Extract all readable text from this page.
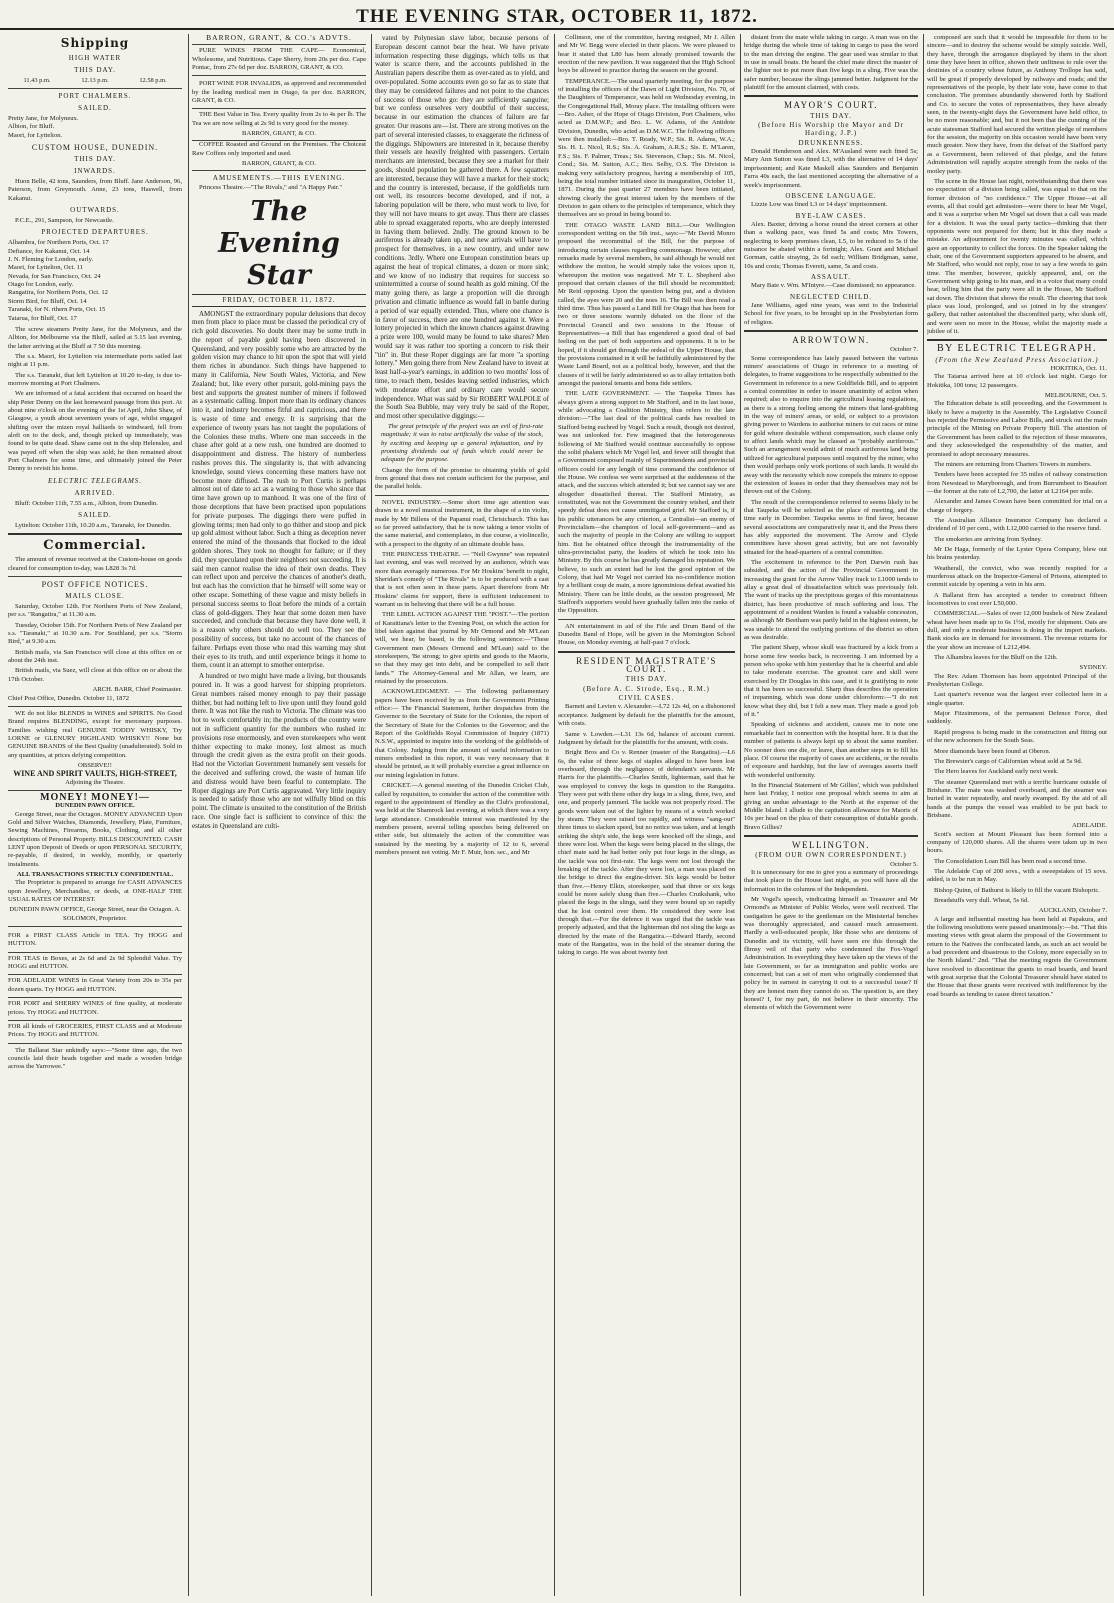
THE EVENING STAR, OCTOBER 11, 1872.
Shipping
HIGH WATER
THIS DAY.
11.43 p.m.	12.13 p.m.	12.58 p.m.
PORT CHALMERS.
SAILED.
Pretty Jane, for Molyneux.
Albion, for Bluff.
Maori, for Lyttelton.
CUSTOM HOUSE, DUNEDIN.
THIS DAY.
INWARDS.

Huon Belle, 42 tons, Saunders, from Bluff. Jane Anderson, 96, Paterson, from Greymouth. Anne, 23 tons, Haswell, from Kakanui.

OUTWARDS.

P.C.E., 291, Sampson, for Newcastle.

PROJECTED DEPARTURES.
Alhambra, for Northern Ports, Oct. 17
Defiance, for Kakanui, Oct. 14
J. N. Fleming for London, early.
Maori, for Lyttelton, Oct. 11
Nevada, for San Francisco, Oct. 24
Otago for London, early.
Rangatira, for Northern Ports, Oct. 12
Storm Bird, for Bluff, Oct. 14
Taranaki, for N. rthern Ports, Oct. 15
Taiarua, for Bluff, Oct. 17

The screw steamers Pretty Jane, for the Molyneux, and the Albion, for Melbourne via the Bluff, sailed at 5.15 last evening, the latter arriving at the Bluff at 7 50 this morning.

The s.s. Maori, for Lyttelton via intermediate ports sailed last night at 11 p.m.

The s.s. Taranaki, that left Lyttelton at 10.20 to-day, is due to-morrow morning at Port Chalmers.

We are informed of a fatal accident that occurred on board the ship Peter Denny on the last homeward passage from this port. At about nine o'clock on the evening of the 1st April, John Shaw, of Glasgow, a youth about seventeen years of age, whilst engaged shifting over the mizen royal halliards to windward, fell from aloft on to the deck, and, though picked up immediately, was found to be quite dead. Shaw came out in the ship Helenslee, and was payed off when the ship was sold; he then remained about Port Chalmers for some time, and ultimately joined the Peter Denny to revisit his home.

ELECTRIC TELEGRAMS.
ARRIVED.

Bluff: October 11th, 7.55 a.m., Albion, from Dunedin.

SAILED.

Lyttelton: October 11th, 10.20 a.m., Taranaki, for Dunedin.

Commercial.

The amount of revenue received at the Custom-house on goods cleared for consumption to-day, was L828 3s 7d.

POST OFFICE NOTICES.
MAILS CLOSE.

Saturday, October 12th. For Northern Ports of New Zealand, per s.s. "Rangatira," at 11.30 a.m.

Tuesday, October 15th. For Northern Ports of New Zealand per s.s. "Taranaki," at 10.30 a.m. For Southland, per s.s. "Storm Bird," at 9.30 a.m.

British mails, via San Francisco will close at this office on or about the 24th inst.

British mails, via Suez, will close at this office on or about the 17th October.

ARCH. BARR, Chief Postmaster.
Chief Post Office, Dunedin. October 11, 1872

WE do not like BLENDS in WINES and SPIRITS. No Good Brand requires BLENDING, except for mercenary purposes. Families wishing real GENUINE TODDY WHISKY, Try LORNE or GLENURY HIGHLAND WHISKY!! None but GENUINE BRANDS of the Best Quality (unadulterated). Sold in any quantities, at prices defying competition.

OBSERVE!!
WINE AND SPIRIT VAULTS, HIGH-STREET,
Adjoining the Theatre.
MONEY! MONEY!—
DUNEDIN PAWN OFFICE.

George Street, near the Octagon. MONEY ADVANCED Upon Gold and Silver Watches, Diamonds, Jewellery, Plate, Furniture, Sewing Machines, Firearms, Books, Clothing, and all other descriptions of Personal Property. BILLS DISCOUNTED. CASH LENT upon Deposit of Deeds or upon PERSONAL SECURITY, re-payable, if desired, in weekly, monthly, or quarterly instalments.

ALL TRANSACTIONS STRICTLY CONFIDENTIAL.

The Proprietor is prepared to arrange for CASH ADVANCES upon Jewellery, Merchandise, or deeds, at ONE-HALF THE USUAL RATES OF INTEREST.

DUNEDIN PAWN OFFICE, George Street, near the Octagon. A. SOLOMON, Proprietor.
FOR a FIRST CLASS Article in TEA. Try HOGG and HUTTON.
FOR TEAS in Boxes, at 2s 6d and 2s 9d Splendid Value. Try HOGG and HUTTON.
FOR ADELAIDE WINES in Great Variety from 20s to 35s per dozen quarts. Try HOGG and HUTTON.
FOR PORT and SHERRY WINES of fine quality, at moderate prices. Try HOGG and HUTTON.
FOR all kinds of GROCERIES, FIRST CLASS and at Moderate Prices. Try HOGG and HUTTON.

The Ballarat Star unkindly says:—"Some time ago, the two councils laid their heads together and made a wooden bridge across the Yarrowee."

BARRON, GRANT, & CO.'s ADVTS.

PURE WINES FROM THE CAPE— Economical, Wholesome, and Nutritious. Cape Sherry, from 20s per doz. Cape Pontac, from 27s 6d per doz. BARRON, GRANT, & CO.

PORT WINE FOR INVALIDS, as approved and recommended by the leading medical men in Otago, 6s per doz. BARRON, GRANT, & CO.

THE Best Value in Tea. Every quality from 2s to 4s per lb. The Tea we are now selling at 2s 9d is very good for the money.

BARRON, GRANT, & CO.

COFFEE Roasted and Ground on the Premises. The Choicest Raw Coffees only imported and used.

BARRON, GRANT, & CO.
AMUSEMENTS.—THIS EVENING.

Princess Theatre.—"The Rivals," and "A Happy Pair."

The Evening Star
FRIDAY, OCTOBER 11, 1872.

AMONGST the extraordinary popular delusions that decoy men from place to place must be classed the periodical cry of rich gold discoveries. No doubt there may be some truth in the report of payable gold having been discovered in Queensland, and very possibly some who are attracted by the golden vision may chance to hit upon the spot that will yield them riches in abundance. Such things have happened to many in California, New South Wales, Victoria, and New Zealand; but, like every other pursuit, gold-mining pays the best and supports the greatest number of miners if followed as a systematic calling. Import more than its ordinary chances into it, and industry becomes fitful and capricious, and there is waste of time and energy. It is surprising that the experience of twenty years has not taught the populations of the Colonies these truths. Where one man succeeds in the chase after gold at a new rush, one hundred are doomed to disappointment and distress. The history of numberless rushes proves this. The singularity is, that with advancing knowledge, sound views concerning these matters have not become more diffused. The rush to Port Curtis is perhaps almost out of date to act as a warning to those who since that time have grown up to manhood. It was one of the first of those deceptions that have been practised upon populations for private purposes. The diggings there were puffed in glowing terms; men had only to go thither and stoop and pick up gold almost without labor. Such a thing as deception never entered the mind of the thousands that flocked to the ideal golden shores. They took no thought for failure; or if they did, they speculated upon their neighbors not succeeding. It is said men cannot realise the idea of their own deaths. They can reflect upon and perceive the chances of another's death, but each has the conviction that he himself will some way or other escape. Something of these vague and misty beliefs in personal success seems to float before the minds of a certain class of gold-diggers. They hear that some dozen men have succeeded, and conclude that because they have done well, it is a reason why others should do well too. They see the possibility of success, but take no account of the chances of failure. Perhaps even those who read this warning may shut their eyes to its truth, and until experience brings it home to them, count it an attempt to smother enterprise.

A hundred or two might have made a living, but thousands poured in. It was a good harvest for shipping proprietors. Great numbers raised money enough to pay their passage thither, but had nothing left to live upon until they found gold there. It was not like the rush to Victoria. The climate was too hot to work comfortably in; the products of the country were not in sufficient quantity for the numbers who rushed in: provisions rose enormously, and even storekeepers who went thither expecting to make money, lost almost as much through the credit given as the extra profit on their goods. Had not the Victorian Government humanely sent vessels for the deceived and suffering crowd, the waste of human life and distress would have been fearful to contemplate. The Roper diggings are Port Curtis aggravated. Very little inquiry is needed to satisfy those who are not wilfully blind on this point. The climate is unsuited to the constitution of the British race. One single fact is sufficient to convince of this: the estates in Queensland are culti-

vated by Polynesian slave labor, because persons of European descent cannot bear the heat. We have private information respecting these diggings, which tells us that water is scarce there, and the accounts published in the Australian papers describe them as over-rated as to yield, and over-populated. Some accounts even go so far as to state that they may be considered failures and not point to the chances of success of those who go: they are sufficiently sanguine; but we confess ourselves very doubtful of their success, because in our estimation the chances of failure are far greater. Our reasons are—1st. There are strong motives on the part of several interested classes, to exaggerate the richness of the diggings. Shipowners are interested in it, because thereby their vessels are heavily freighted with passengers. Certain merchants are interested, because they see a market for their goods, should population be gathered there. A few squatters are interested, because they will have a market for their stock; and the country is interested, because, if the goldfields turn out well, its resources become developed, and if not, a laboring population will be there, who must work to live, for they will not have means to get away. Thus there are classes able to spread exaggerated reports, who are deeply interested in having them believed. 2ndly. The ground known to be auriferous is already taken up, and new arrivals will have to prospect for themselves, in a new country, and under new conditions. 3rdly. Where one European constitution bears up against the heat of tropical climates, a dozen or more sink; and we know of no industry that requires for success so unintermitted a course of sound health as gold mining. Of the many going there, as large a proportion will die through privation and climatic influence as would fall in battle during a period of war equally extended. Thus, where one chance is in favor of success, there are one hundred against it. Were a lottery projected in which the known chances against drawing a prize were 100, would many be found to take shares? Men would say it was rather too sporting a concern to risk their "tin" in. But these Roper diggings are far more "a sporting lottery." Men going there from New Zealand have to invest at least half-a-year's earnings, in addition to two months' loss of time, to reach them, besides leaving settled industries, which with moderate effort and ordinary care would secure independence. What was said by Sir ROBERT WALPOLE of the South Sea Bubble, may very truly be said of the Roper, and most other speculative diggings:—

The great principle of the project was an evil of first-rate magnitude; it was to raise artificially the value of the stock, by exciting and keeping up a general infatuation, and by promising dividends out of funds which could never be adequate for the purpose.

Change the form of the promise to obtaining yields of gold from ground that does not contain sufficient for the purpose, and the parallel holds.

NOVEL INDUSTRY.—Some short time ago attention was drawn to a novel musical instrument, in the shape of a tin violin, made by Mr Billens of the Papanui road, Christchurch. This has so far proved satisfactory, that he is now taking a tenor violin of the same material, and contemplates, in due course, a violincello, with a prospect to the dignity of an ultimate double bass.

THE PRINCESS THEATRE. — "Nell Gwynne" was repeated last evening, and was well received by an audience, which was more than averagely numerous. For Mr Hoskins' benefit to night, Sheridan's comedy of "The Rivals" is to be produced with a cast that is not often seen in these parts. Apart therefore from Mr Hoskins' claims for support, there is sufficient inducement to warrant us in believing that there will be a full house.

THE LIBEL ACTION AGAINST THE "POST."—The portion of Karaitiana's letter to the Evening Post, on which the action for libel taken against that journal by Mr Ormond and Mr M'Lean will, we hear, be based, is the following sentence:—"These Government men (Messrs Ormond and M'Lean) said to the storekeepers, 'Be strong; to give spirits and goods to the Maoris, so that they may get into debt, and be compelled to sell their lands.'" The Attorney-General and Mr Allan, we learn, are retained by the prosecutors.

ACKNOWLEDGMENT. — The following parliamentary papers have been received by us from the Government Printing office:— The Financial Statement, further despatches from the Governor to the Secretary of State for the Colonies, the report of the Secretary of State for the Colonies to the Governor; and the Report of the Goldfields Royal Commission of Inquiry (1871) N.S.W., appointed to inquire into the working of the goldfields of that Colony. Judging from the amount of useful information to miners embodied in this report, it was very necessary that it should be printed, as it will probably exercise a great influence on our mining legislation in future.

CRICKET.—A general meeting of the Dunedin Cricket Club, called by requisition, to consider the action of the committee with regard to the appointment of Hendley as the Club's professional, was held at the Shamrock last evening, at which there was a very large attendance. Considerable interest was manifested by the members present, several telling speeches being delivered on either side, but ultimately the action of the committee was sustained by the meeting by a majority of 12 to 6, several members present not voting. Mr F. Muir, hon. sec., and Mr

Collinson, one of the committee, having resigned, Mr J. Allen and Mr W. Begg were elected in their places. We were pleased to hear it stated that L80 has been already promised towards the erection of the new pavilion. It was suggested that the High School boys be allowed to practice during the season on the ground.

TEMPERANCE.—The usual quarterly meeting, for the purpose of installing the officers of the Dawn of Light Division, No. 70, of the Daughters of Temperance, was held on Wednesday evening, in the Congregational Hall, Moray place. The installing officers were—Bro. Asher, of the Hope of Otago Division, Port Chalmers, who acted as D.M.W.P.; and Bro. L. W. Adams, of the Antidote Division, Dunedin, who acted as D.M.W.C. The following officers were then installed:—Bro. T. Ready, W.P.; Sis. R. Adams, W.A.; Sis. H. L. Nicol, R.S.; Sis. A. Graham, A.R.S.; Sis. E. M'Laren, F.S.; Sis. F. Palmer, Treas.; Sis. Stevenson, Chap.; Sis. M. Nicol, Cond.; Sis. M. Sutton, A.C.; Bro. Selby, O.S. The Division is making very satisfactory progress, having a membership of 105, being the total number initiated since its inauguration, October 11, 1871. During the past quarter 27 members have been initiated, showing clearly the great interest taken by the members of the Division to gain others to the principles of temperance, which they themselves are so proud in being bound to.

THE OTAGO WASTE LAND BILL.—Our Wellington correspondent writing on the 5th inst., says:—"Mr David Monro proposed the recommittal of the Bill, for the purpose of introducing certain clauses regarding commonage. However, after remarks made by several members, he said although he would not withdraw the motion, he would simply take the voices upon it, whereupon the motion was negatived. Mr T. L. Shepherd also proposed that certain clauses of the Bill should be recommitted; Mr Reid opposing. Upon the question being put, and a division called, the ayes were 20 and the noes 16. The Bill was then read a third time. Thus has passed a Land Bill for Otago that has been for two or three sessions warmly debated on the floor of the Provincial Council and two sessions in the House of Representatives—a Bill that has engendered a good deal of bad feeling on the part of both supporters and opponents. It is to be hoped, if it should get through the ordeal of the Upper House, that the provisions contained in it will be faithfully administered by the Waste Land Board, not as a political body, however, and that the clauses of it will be fairly administered so as to allay irritation both amongst the pastoral tenants and bona fide settlers.

THE LATE GOVERNMENT. — The Taupeka Times has always given a strong support to Mr Stafford, and in its last issue, while advocating a Coalition Ministry, thus refers to the late division:—"The last deal of the political cards has resulted in Stafford being euchred by Vogel. Such a result, though not desired, was not unlooked for. Few imagined that the heterogeneous following of Mr Stafford would continue successfully to oppose the solid phalanx which Mr Vogel led, and fewer still thought that a Government composed mainly of Superintendents and provincial officers could for any length of time command the confidence of the House. We confess we were surprised at the suddenness of the attack, and the success which attended it; but we cannot say we are altogether dissatisfied thereat. The Stafford Ministry, as constituted, was not the Government the country wished, and their speedy defeat does not cause unmitigated grief. Mr Stafford is, if his public utterances be any criterion, a Centralist—an enemy of Provincialism—the champion of local self-government—and as such the majority of people in the Colony are willing to support him. But he obtained office through the instrumentality of the ultra-provincialist party, the leaders of which he took into his Ministry. By this course he has greatly damaged his reputation. We believe, to such an extent had he lost the good opinion of the Colony, that had Mr Vogel not carried his no-confidence motion by a brilliant coup de main, a more ignominious defeat awaited his Ministry. There can be little doubt, as the session progressed, Mr Stafford's supporters would have gradually fallen into the ranks of the Opposition.

AN entertainment in aid of the Fife and Drum Band of the Dunedin Band of Hope, will be given in the Mornington School House, on Monday evening, at half-past 7 o'clock.

RESIDENT MAGISTRATE'S COURT.
THIS DAY.
(Before A. C. Strode, Esq., R.M.)
CIVIL CASES.

Barnett and Levien v. Alexander.—L72 12s 4d, on a dishonored acceptance. Judgment by default for the plaintiffs for the amount, with costs.

Same v. Lowden.—L31 13s 6d, balance of account current. Judgment by default for the plaintiffs for the amount, with costs.

Bright Bros and Co v. Renner (master of the Rangatira).—L6 6s, the value of three kegs of staples alleged to have been lost overboard, through the negligence of defendant's servants. Mr Harris for the plaintiffs.—Charles Smith, lighterman, said that he was employed to convey the kegs in question to the Rangatira. They were put with three other dry kegs in a sling, three, two, and one, and properly jammed. The tackle was not properly rixed. The goods were taken out of the lighter by means of a winch worked by steam. They were raised too rapidly, and witness "sang-out" three times to slacken speed, but no notice was taken, and at length striking the ship's side, the kegs were knocked off the slings, and three were lost. When the kegs were being placed in the slings, the chief mate said he had better only put four kegs in the slings, as the tackle was not first-rate. The kegs were not lost through the breaking of the tackle. After they were lost, a man was placed on the bridge to direct the engine-driver. Six kegs would be better than five.—Henry Elkin, storekeeper, said that three or six kegs could be more safely slung than five.—Charles Cruikshank, who placed the kegs in the slings, said they were bound up so rapidly that he lost control over them. He considered they were lost through that.—For the defence it was urged that the tackle was properly adjusted, and that the lighterman did not sling the kegs as directed by the mate of the Rangatira.—Edward Hardy, second mate of the Rangatira, was in the hold of the steamer during the taking in cargo. He was about twenty feet

distant from the mate while taking in cargo. A man was on the bridge during the whole time of taking in cargo to pass the word to the man driving the engine. The gear used was similar to that in use in small boats. He heard the chief mate direct the master of the lighter not to put more than five kegs in a sling. Five was the safer number, because the slings jammed better. Judgment for the plaintiff for the amount claimed, with costs.

MAYOR'S COURT.
THIS DAY.
(Before His Worship the Mayor and Dr Harding, J.P.)
DRUNKENNESS.

Donald Henderson and Alex. M'Ausland were each fined 5s; Mary Ann Sutton was fined L3, with the alternative of 14 days' imprisonment; and Kate Maskell alias Saunders and Benjamin Farra 40s each, the last mentioned accepting the alternative of a week's imprisonment.

OBSCENE LANGUAGE.

Lizzie Low was fined L3 or 14 days' imprisonment.

BYE-LAW CASES.

Alex. Baxter, driving a horse round the street corners at other than a walking pace, was fined 5s and costs; Mrs Towers, neglecting to keep premises clean, L5, to be reduced to 5s if the nuisance be abated within a fortnight; Alex. Grant and Michael Gorman, cattle straying, 2s 6d each; William Bridgman, same, 10s and costs; Thomas Everett, same, 5s and costs.

ASSAULT.

Mary Bate v. Wm. M'Intyre.—Case dismissed; no appearance.

NEGLECTED CHILD.

Jane Williams, aged nine years, was sent to the Industrial School for five years, to be brought up in the Presbyterian form of religion.

ARROWTOWN.
October 7.

Some correspondence has lately passed between the various miners' associations of Otago in reference to a meeting of delegates, to frame suggestions to be respectfully submitted to the Government in reference to a new Goldfields Bill, and to appoint a central committee in order to insure unanimity of action when required; also to enquire into the agricultural leasing regulations, as there is a strong feeling among the miners that land-grabbing in the way of miners' areas, or sold, or subject to a provision giving power to Wardens to authorise miners to cut races or mine for gold where desirable without compensation, such clause only to affect lands which may be classed as "probably auriferous." Such an arrangement would admit of much auriferous land being utilized for agricultural purposes until required by the miner, who then would perhaps only work portions of such lands. It would do away with the necessity which now compels the miners to oppose the extension of leases in order that they themselves may not be thrown out of the Colony.

The result of the correspondence referred to seems likely to be that Taupeka will be selected as the place of meeting, and the time early in December. Taupeka seems to find favor, because several associations are comparatively near it, and the Press there has ably supported the movement. The Arrow and Clyde committees have shown great activity, but are not favorably situated for the head-quarters of a central committee.

The excitement in reference to the Port Darwin rush has subsided, and the action of the Provincial Government in increasing the grant for the Arrow Valley track to L1000 tends to allay a great deal of dissatisfaction which was previously felt. The want of tracks up the precipitous gorges of this mountainous district, has been productive of much suffering and loss. The appointment of a resident Warden is found a valuable concession, as although Mr Beetham was partly held in the highest esteem, he was unable to attend the outlying portions of the district so often as was desirable.

The patient Sharp, whose skull was fractured by a kick from a horse some few weeks back, is recovering. I am informed by a person who spoke with him yesterday that he is cheerful and able to take moderate exercise. The greatest care and skill were exercised by Dr Douglas in this case, and it is gratifying to note that it has been so successful. Sharp thus describes the operation of trepanning, which was done under chloroform:—"I do not know what they did, but I felt a new man. They made a good job of it."

Speaking of sickness and accident, causes me to note one remarkable fact in connection with the hospital here. It is that the number of patients is always kept up to about the same number. No sooner does one die, or leave, than another steps in to fill his place. Of course the majority of cases are accidents, or the results of exposure and hardship, but the law of averages asserts itself with wonderful uniformity.

In the Financial Statement of Mr Gillies', which was published here last Friday, I notice one proposal which seems to aim at giving an undue advantage to the North at the expense of the Middle Island. I allude to the capitation allowance for Maoris of 10s per head on the plea of their consumption of dutiable goods. Bravo Gillies?

WELLINGTON.
(FROM OUR OWN CORRESPONDENT.)
October 5.

It is unnecessary for me to give you a summary of proceedings that took place in the House last night, as you will have all the information in the columns of the Independent.

Mr Vogel's speech, vindicating himself as Treasurer and Mr Ormond's as Minister of Public Works, were well received. The castigation he gave to the gentleman on the Ministerial benches was thoroughly appreciated, and caused much amusement. Hardly a well-educated people, like those who are denizens of Dunedin and its vicinity, will have seen ere this through the flimsy veil of that party who condemned the Fox-Vogel Administration. In everything they have taken up the views of the late Government, so far as immigration and public works are concerned; but can a set of men who originally condemned that policy be in earnest in carrying it out to a successful issue? If they are honest men they cannot do so. The question is, are they honest? I, for my part, do not believe in their sincerity. The elements of which the Government were

composed are such that it would be impossible for them to be sincere—and to destroy the scheme would be simply suicide. Well, they have, through the arrogance displayed by them in the short time they have been in office, shown their unfitness to rule over the destinies of a country whose future, as Anthony Trollope has said, will be great if properly developed by railways and roads; and the representatives of the people, by their late vote, have come to that conclusion. The promises abundantly showered forth by Stafford and Co. to secure the votes of representatives, they have already seen, in the twenty-eight days the Government have held office, to be no more reasonable; and, but it not been that the cunning of the acute statesman Stafford had secured the written pledge of members for the session, the majority on this occasion would have been very much greater. Now they have, from the defeat of the Stafford party as a Government, been relieved of that pledge, and the future Administration will rapidly acquire strength from the ranks of the motley party.

The scene in the House last night, notwithstanding that there was no expectation of a division being called, was equal to that on the former division of "no confidence." The Upper House—at all events, all that could get admission—were there to hear Mr Vogel, and it was a surprise when Mr Vogel sat down that a call was made for a division. It was the usual party tactics—thinking that their opponents were not prepared for them; but in this they made a mistake. An adjournment for twenty minutes was called, which gave an opportunity to collect the forces. On the Speaker taking the chair, one of the Government supporters appeared to be absent, and Mr Stafford, who would not reply, rose to say a few words to gain time. The member, however, quickly appeared, and, on the Government whip going to his man, and in a voice that many could hear, telling him that the party were all in the House, Mr Stafford sat down. The division that shows the result. The cheering that took place was loud, prolonged, and so joined in by the strangers' gallery, that rather astonished the discomfited party, who slunk off, and were seen no more in the House, whilst the majority made a jubilee of it.

BY ELECTRIC TELEGRAPH.
(From the New Zealand Press Association.)
HOKITIKA, Oct. 11.

The Taiarua arrived here at 10 o'clock last night. Cargo for Hokitika, 100 tons; 12 passengers.

MELBOURNE, Oct. 5.

The Education debate is still proceeding, and the Government is likely to have a majority in the Assembly. The Legislative Council has rejected the Permissive and Labor Bills, and struck out the main principle of the Mining on Private Property Bill. The attention of the Government has been called to the rejection of these measures, and they acknowledged the responsibility of the matter, and promised to adopt necessary measures.

The miners are returning from Charters Towers in numbers.

Tenders have been accepted for 35 miles of railway construction from Newstead to Maryborough, and from Burrumbeet to Beaufort—the former at the rate of L2,700, the latter at L2164 per mile.

Alexander and James Cowan have been committed for trial on a charge of forgery.

The Australian Alliance Insurance Company has declared a dividend of 10 per cent., with L12,000 carried to the reserve fund.

The smokeries are arriving from Sydney.

Mr De Haga, formerly of the Lyster Opera Company, blew out his brains yesterday.

Weatherall, the convict, who was recently respited for a murderous attack on the Inspector-General of Prisons, attempted to commit suicide by opening a vein in his arm.

A Ballarat firm has accepted a tender to construct fifteen locomotives to cost over L50,000.

COMMERCIAL.—Sales of over 12,000 bushels of New Zealand wheat have been made up to 6s 1½d, mostly for shipment. Oats are dull, and only a moderate business is doing in the import markets. Bank stocks are in demand for investment. The revenue returns for the year show an increase of L212,494.

The Alhambra leaves for the Bluff on the 12th.

SYDNEY.

The Rev. Adam Thomson has been appointed Principal of the Presbyterian College.

Last quarter's revenue was the largest ever collected here in a single quarter.

Major Fitzsimmons, of the permanent Defence Force, died suddenly.

Rapid progress is being made in the construction and fitting out of the new schooners for the South Seas.

More diamonds have been found at Oberon.

The Brewster's cargo of Californian wheat sold at 5s 9d.

The Hero leaves for Auckland early next week.

The steamer Queensland met with a terrific hurricane outside of Brisbane. The mate was washed overboard, and the steamer was buried in water repeatedly, and nearly swamped. By the aid of all hands at the pumps the vessel was enabled to be put back to Brisbane.

ADELAIDE.

Scott's section at Mount Pleasant has been formed into a company of 120,000 shares. All the shares were taken up in two hours.

The Consolidation Loan Bill has been read a second time.

The Adelaide Cup of 200 sovs., with a sweepstakes of 15 sovs. added, is to be run in May.

Bishop Quinn, of Bathurst is likely to fill the vacant Bishopric.

Breadstuffs very dull. Wheat, 5s 6d.

AUCKLAND, October 7.

A large and influential meeting has been held at Papakura, and the following resolutions were passed unanimously:—Ist. "That this meeting views with great alarm the proposal of the Government to return to the Natives the confiscated lands, as such an act would be a bad precedent and disastrous to the Colony, more especially so to the North Island." 2nd. "That the meeting regrets the Government have resolved to discontinue the grants to road boards, and heard with great surprise that the Colonial Treasurer should have stated to the House that these grants were received with indifference by the road boards as tending to cause direct taxation."
